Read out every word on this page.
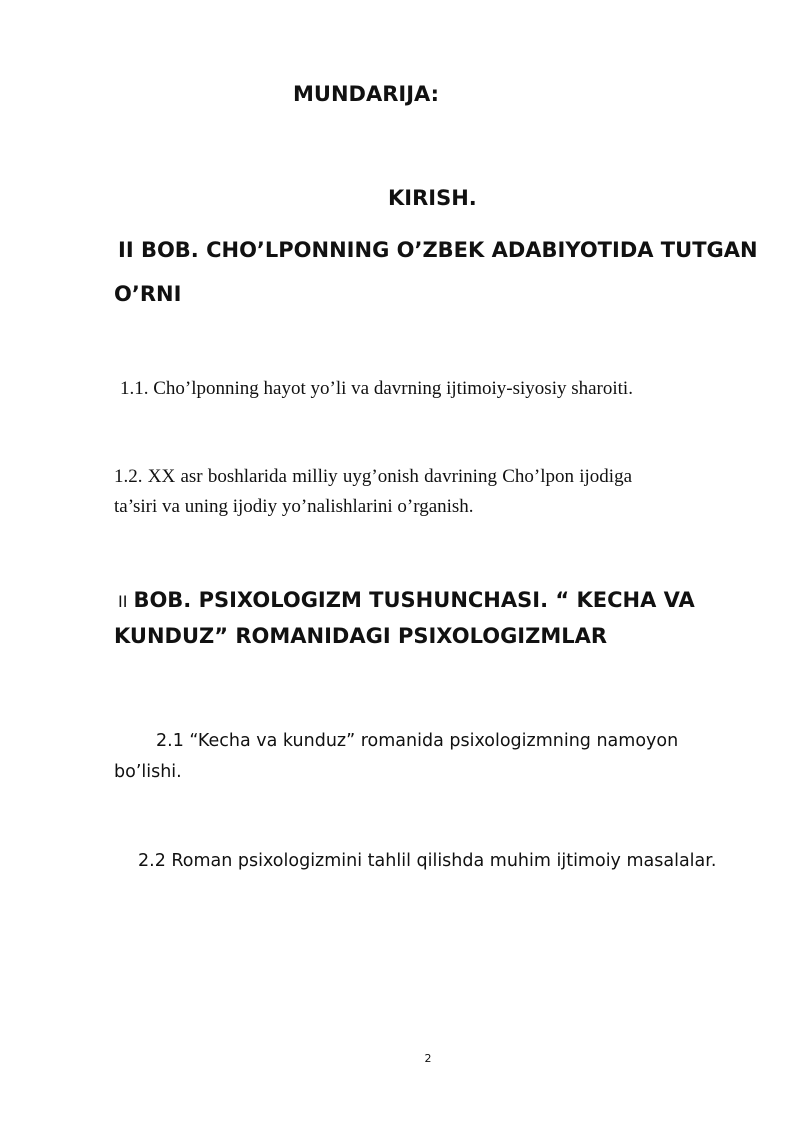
MUNDARIJA:
KIRISH.
II BOB. CHO’LPONNING O’ZBEK ADABIYOTIDA TUTGAN
O’RNI
1.1. Cho’lponning hayot yo’li va davrning ijtimoiy-siyosiy sharoiti.
1.2. XX asr boshlarida milliy uyg’onish davrining Cho’lpon ijodiga
ta’siri va uning ijodiy yo’nalishlarini o’rganish.
II BOB. PSIXOLOGIZM TUSHUNCHASI. “ KECHA VA
KUNDUZ” ROMANIDAGI PSIXOLOGIZMLAR
2.1 “Kecha va kunduz” romanida psixologizmning namoyon
bo’lishi.
2.2 Roman psixologizmini tahlil qilishda muhim ijtimoiy masalalar.
2
